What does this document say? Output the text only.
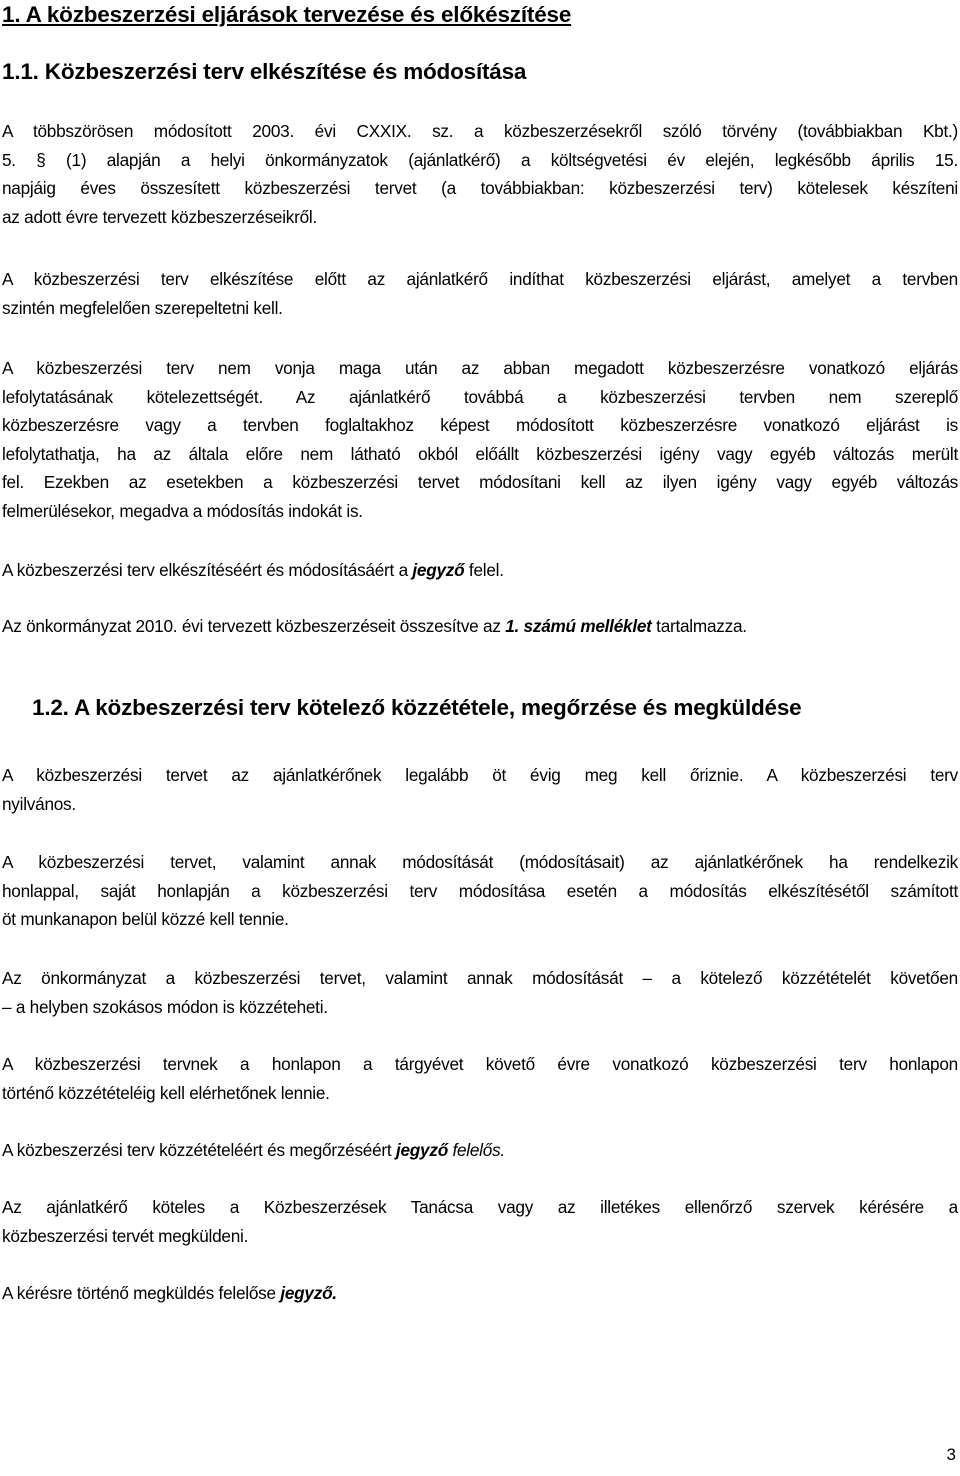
1. A közbeszerzési eljárások tervezése és előkészítése
1.1. Közbeszerzési terv elkészítése és módosítása
A többszörösen módosított 2003. évi CXXIX. sz. a közbeszerzésekről szóló törvény (továbbiakban Kbt.)
5. § (1) alapján a helyi önkormányzatok (ajánlatkérő) a költségvetési év elején, legkésőbb április 15.
napjáig éves összesített közbeszerzési tervet (a továbbiakban: közbeszerzési terv) kötelesek készíteni
az adott évre tervezett közbeszerzéseikről.
A közbeszerzési terv elkészítése előtt az ajánlatkérő indíthat közbeszerzési eljárást, amelyet a tervben
szintén megfelelően szerepeltetni kell.
A közbeszerzési terv nem vonja maga után az abban megadott közbeszerzésre vonatkozó eljárás
lefolytatásának kötelezettségét. Az ajánlatkérő továbbá a közbeszerzési tervben nem szereplő
közbeszerzésre vagy a tervben foglaltakhoz képest módosított közbeszerzésre vonatkozó eljárást is
lefolytathatja, ha az általa előre nem látható okból előállt közbeszerzési igény vagy egyéb változás merült
fel. Ezekben az esetekben a közbeszerzési tervet módosítani kell az ilyen igény vagy egyéb változás
felmerülésekor, megadva a módosítás indokát is.
A közbeszerzési terv elkészítéséért és módosításáért a jegyző felel.
Az önkormányzat 2010. évi tervezett közbeszerzéseit összesítve az 1. számú melléklet tartalmazza.
1.2. A közbeszerzési terv kötelező közzététele, megőrzése és megküldése
A közbeszerzési tervet az ajánlatkérőnek legalább öt évig meg kell őriznie. A közbeszerzési terv
nyilvános.
A közbeszerzési tervet, valamint annak módosítását (módosításait) az ajánlatkérőnek ha rendelkezik
honlappal, saját honlapján a közbeszerzési terv módosítása esetén a módosítás elkészítésétől számított
öt munkanapon belül közzé kell tennie.
Az önkormányzat a közbeszerzési tervet, valamint annak módosítását – a kötelező közzétételét követően
– a helyben szokásos módon is közzéteheti.
A közbeszerzési tervnek a honlapon a tárgyévet követő évre vonatkozó közbeszerzési terv honlapon
történő közzétételéig kell elérhetőnek lennie.
A közbeszerzési terv közzétételéért és megőrzéséért jegyző felelős.
Az ajánlatkérő köteles a Közbeszerzések Tanácsa vagy az illetékes ellenőrző szervek kérésére a
közbeszerzési tervét megküldeni.
A kérésre történő megküldés felelőse jegyző.
3
